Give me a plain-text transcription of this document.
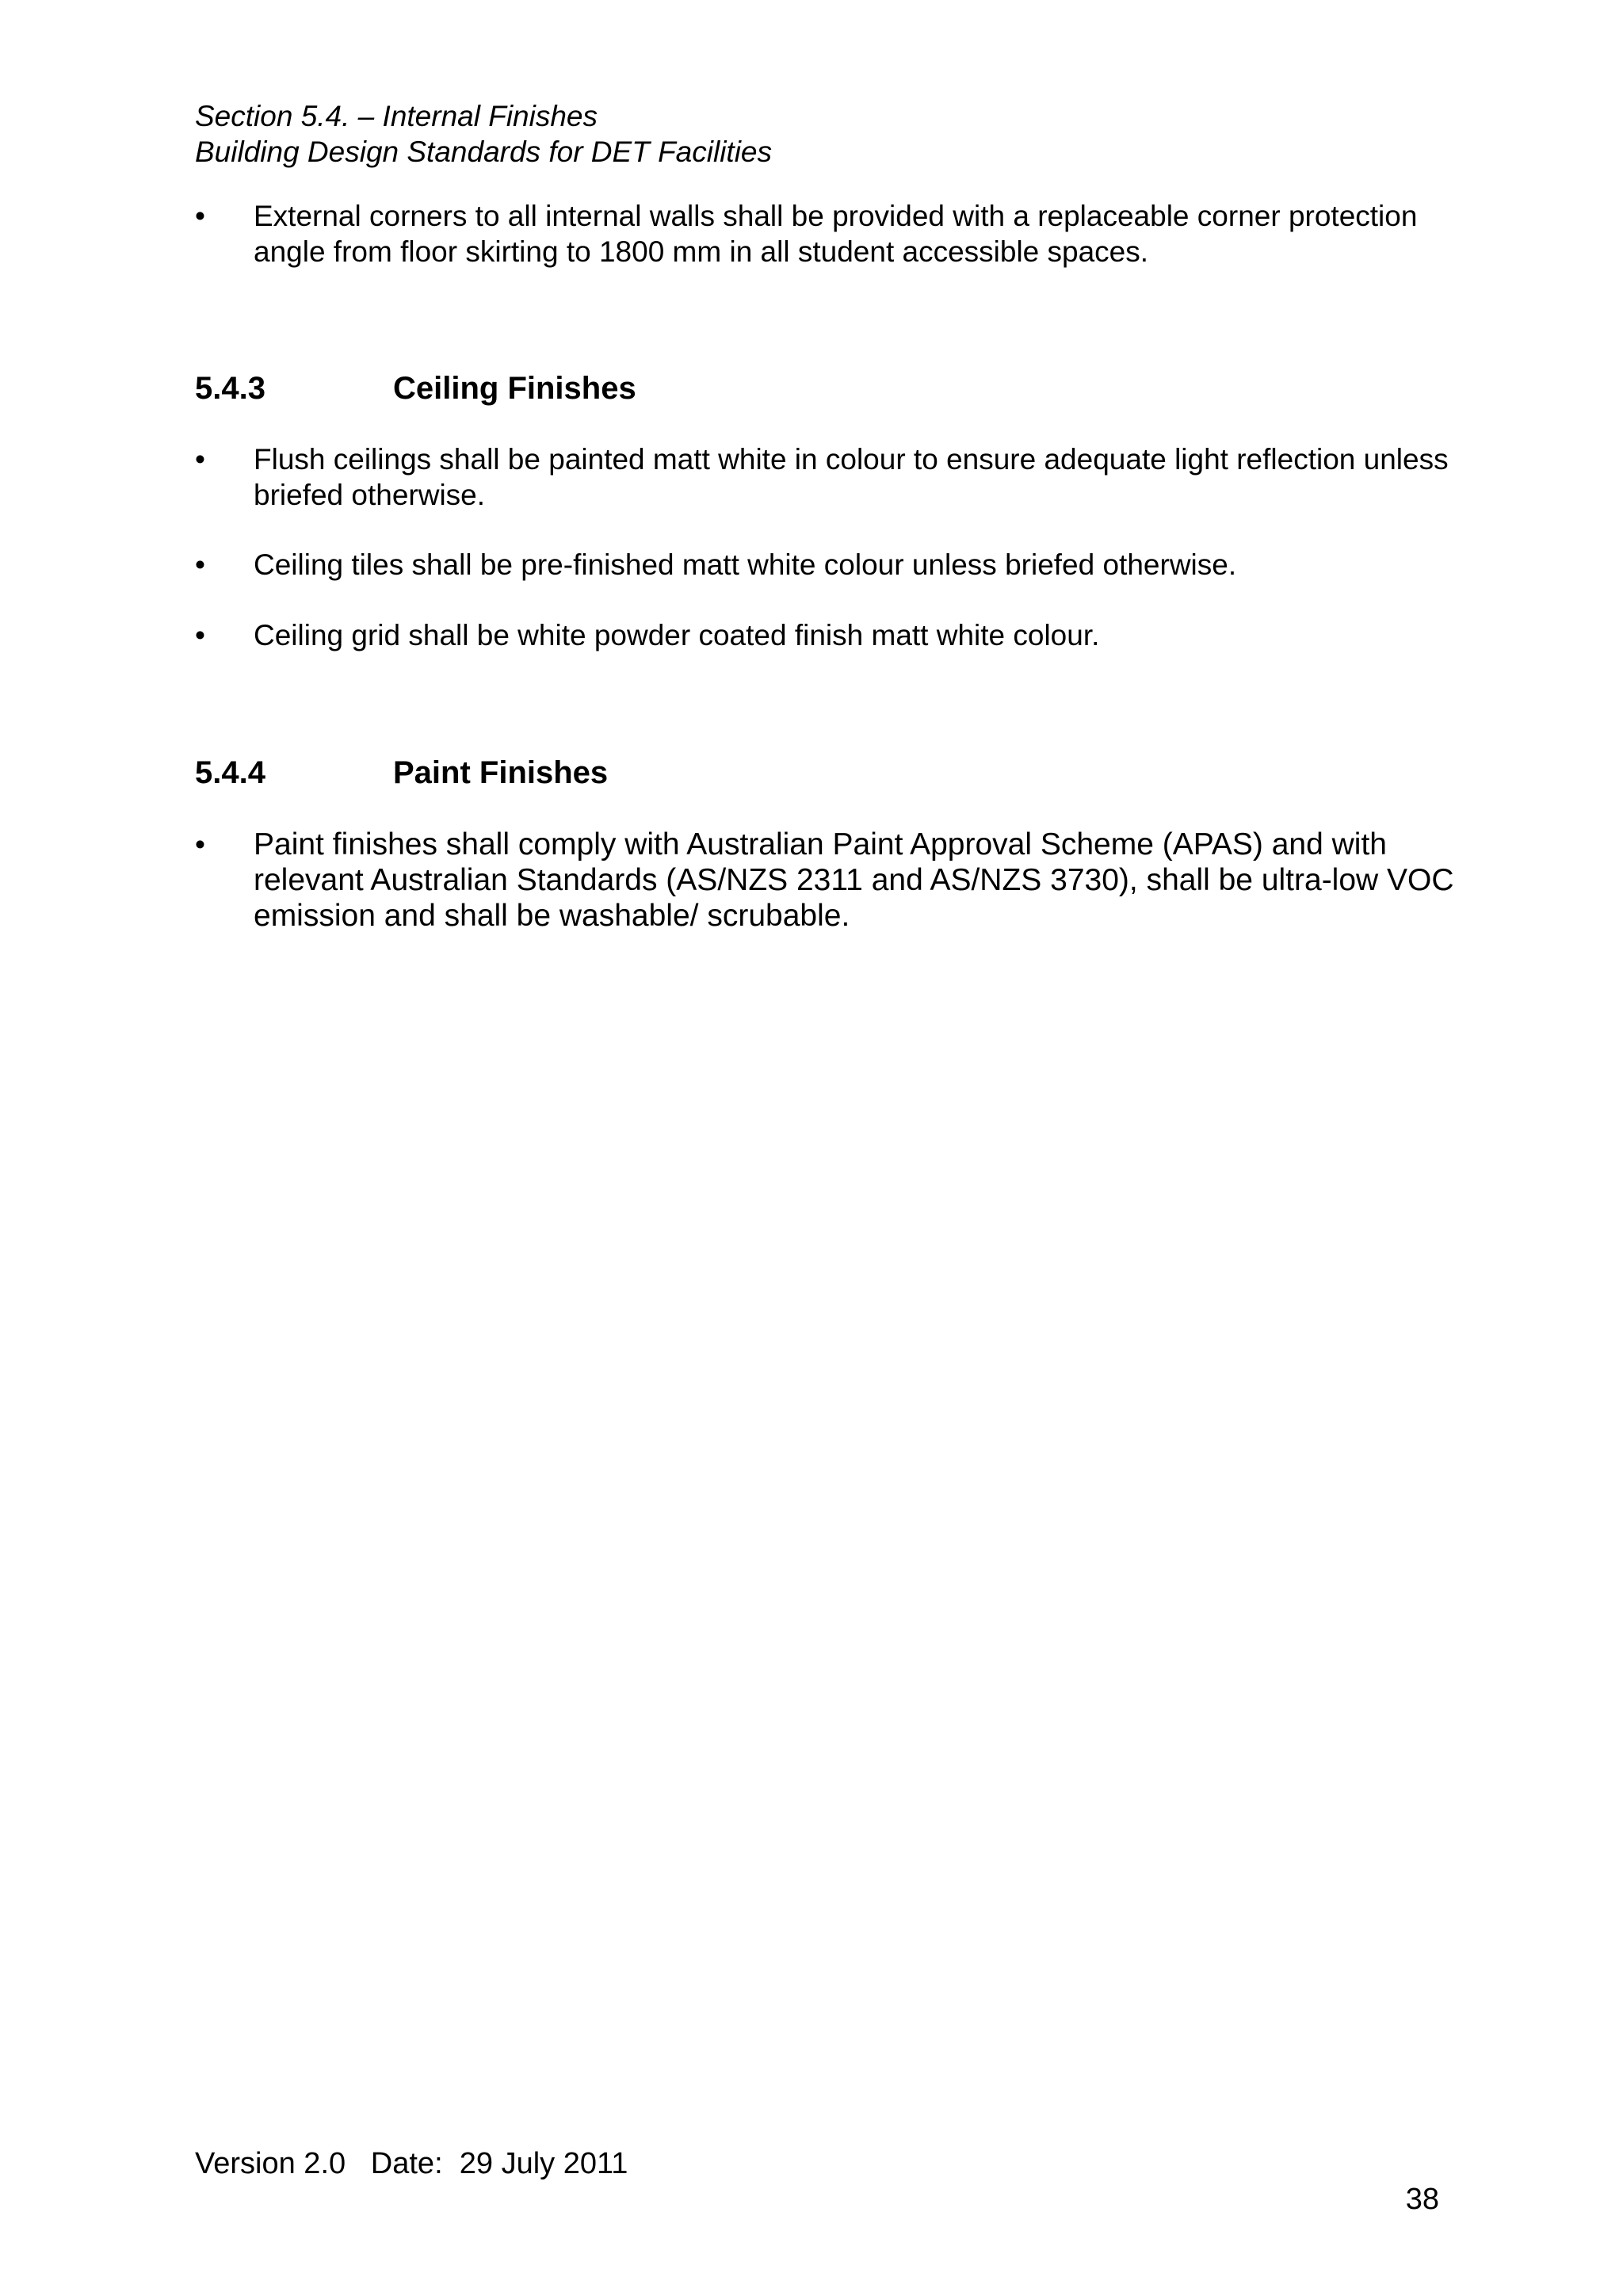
Section 5.4. – Internal Finishes
Building Design Standards for DET Facilities
• External corners to all internal walls shall be provided with a replaceable corner protection angle from floor skirting to 1800 mm in all student accessible spaces.
5.4.3	Ceiling Finishes
• Flush ceilings shall be painted matt white in colour to ensure adequate light reflection unless briefed otherwise.
• Ceiling tiles shall be pre-finished matt white colour unless briefed otherwise.
• Ceiling grid shall be white powder coated finish matt white colour.
5.4.4	Paint Finishes
• Paint finishes shall comply with Australian Paint Approval Scheme (APAS) and with relevant Australian Standards (AS/NZS 2311 and AS/NZS 3730), shall be ultra-low VOC emission and shall be washable/ scrubable.
Version 2.0   Date:  29 July 2011
38
